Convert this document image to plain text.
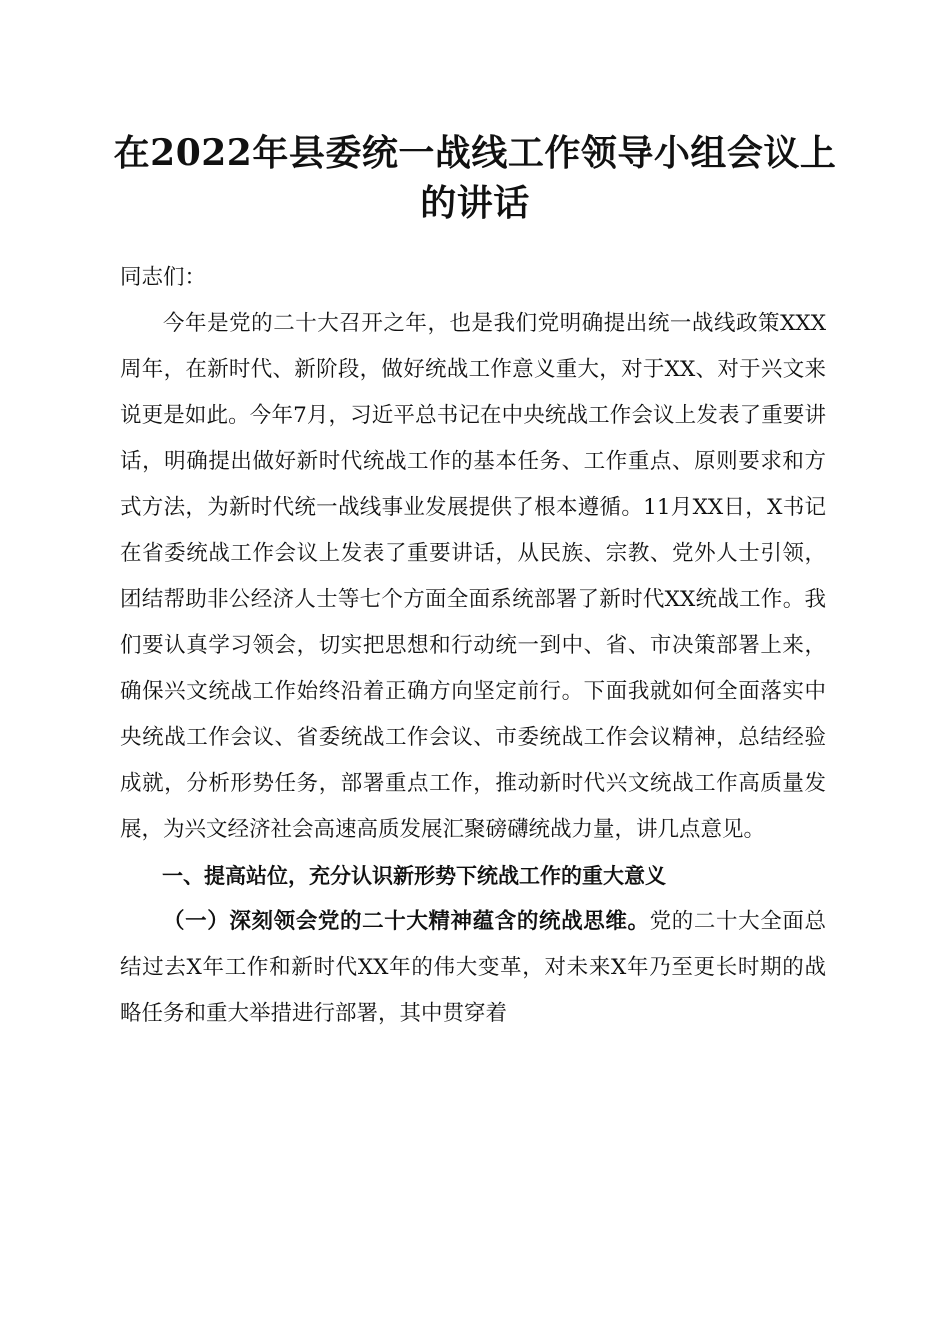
在2022年县委统一战线工作领导小组会议上
的讲话

同志们：

今年是党的二十大召开之年，也是我们党明确提出统一战线政策XXX周年，在新时代、新阶段，做好统战工作意义重大，对于XX、对于兴文来说更是如此。今年7月，习近平总书记在中央统战工作会议上发表了重要讲话，明确提出做好新时代统战工作的基本任务、工作重点、原则要求和方式方法，为新时代统一战线事业发展提供了根本遵循。11月XX日，X书记在省委统战工作会议上发表了重要讲话，从民族、宗教、党外人士引领，团结帮助非公经济人士等七个方面全面系统部署了新时代XX统战工作。我们要认真学习领会，切实把思想和行动统一到中、省、市决策部署上来，确保兴文统战工作始终沿着正确方向坚定前行。下面我就如何全面落实中央统战工作会议、省委统战工作会议、市委统战工作会议精神，总结经验成就，分析形势任务，部署重点工作，推动新时代兴文统战工作高质量发展，为兴文经济社会高速高质发展汇聚磅礴统战力量，讲几点意见。

一、提高站位，充分认识新形势下统战工作的重大意义

（一）深刻领会党的二十大精神蕴含的统战思维。党的二十大全面总结过去X年工作和新时代XX年的伟大变革，对未来X年乃至更长时期的战略任务和重大举措进行部署，其中贯穿着
